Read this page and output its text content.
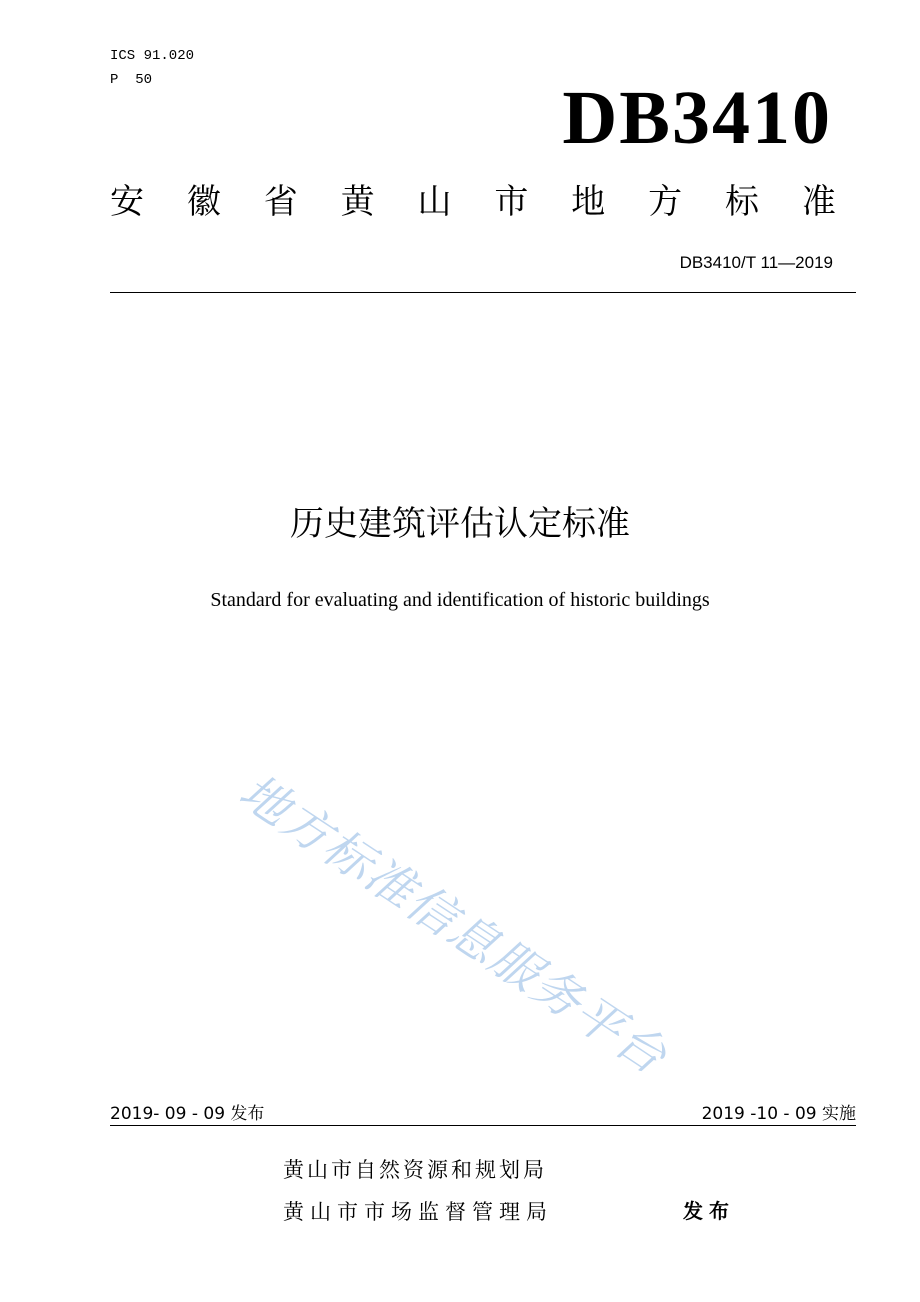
ICS 91.020
P  50	DB3410
安 徽 省 黄 山 市 地 方 标 准
DB3410/T 11—2019
历史建筑评估认定标准
Standard for evaluating and identification of historic buildings
地方标准信息服务平台
2019- 09 - 09 发布	2019 -10 - 09 实施
黄山市自然资源和规划局
黄山市市场监督管理局	发布
